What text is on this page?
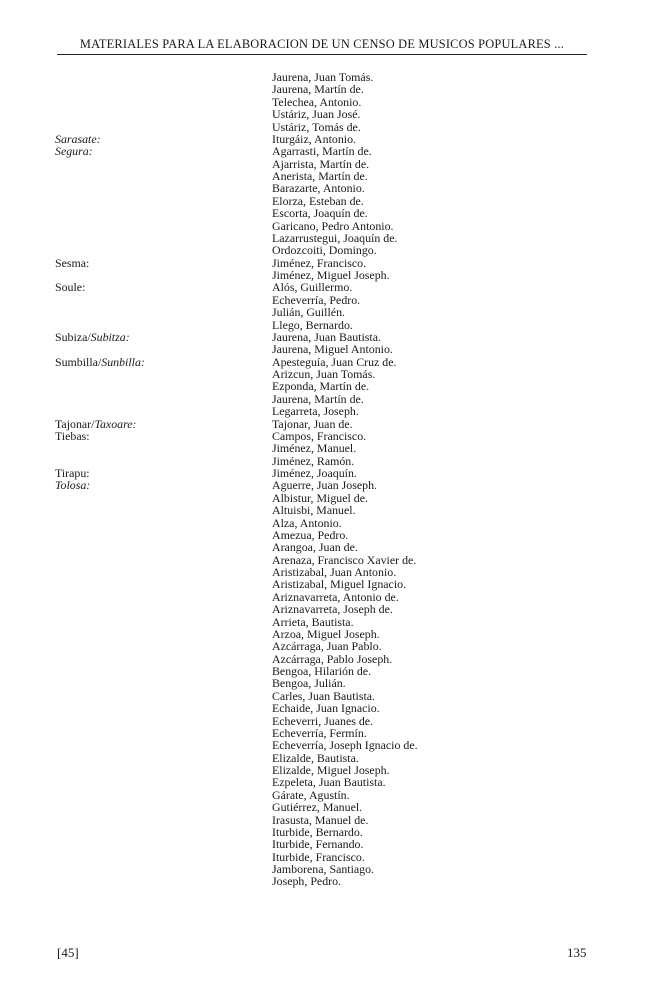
MATERIALES PARA LA ELABORACION DE UN CENSO DE MUSICOS POPULARES ...
Jaurena, Juan Tomás.
Jaurena, Martín de.
Telechea, Antonio.
Ustáriz, Juan José.
Ustáriz, Tomás de.
Sarasate:	Iturgáiz, Antonio.
Segura:	Agarrasti, Martín de.
Ajarrista, Martín de.
Anerista, Martín de.
Barazarte, Antonio.
Elorza, Esteban de.
Escorta, Joaquín de.
Garicano, Pedro Antonio.
Lazarrustegui, Joaquín de.
Ordozcoiti, Domingo.
Sesma:	Jiménez, Francisco.
Jiménez, Miguel Joseph.
Soule:	Alós, Guillermo.
Echeverría, Pedro.
Julián, Guillén.
Llego, Bernardo.
Subiza/Subitza:	Jaurena, Juan Bautista.
Jaurena, Miguel Antonio.
Sumbilla/Sunbilla:	Apesteguía, Juan Cruz de.
Arizcun, Juan Tomás.
Ezponda, Martín de.
Jaurena, Martín de.
Legarreta, Joseph.
Tajonar/Taxoare:	Tajonar, Juan de.
Tiebas:	Campos, Francisco.
Jiménez, Manuel.
Jiménez, Ramón.
Tirapu:	Jiménez, Joaquín.
Tolosa:	Aguerre, Juan Joseph.
Albistur, Miguel de.
Altuisbi, Manuel.
Alza, Antonio.
Amezua, Pedro.
Arangoa, Juan de.
Arenaza, Francisco Xavier de.
Aristizabal, Juan Antonio.
Aristizabal, Miguel Ignacio.
Ariznavarreta, Antonio de.
Ariznavarreta, Joseph de.
Arrieta, Bautista.
Arzoa, Miguel Joseph.
Azcárraga, Juan Pablo.
Azcárraga, Pablo Joseph.
Bengoa, Hilarión de.
Bengoa, Julián.
Carles, Juan Bautista.
Echaide, Juan Ignacio.
Echeverri, Juanes de.
Echeverría, Fermín.
Echeverría, Joseph Ignacio de.
Elizalde, Bautista.
Elizalde, Miguel Joseph.
Ezpeleta, Juan Bautista.
Gárate, Agustín.
Gutiérrez, Manuel.
Irasusta, Manuel de.
Iturbide, Bernardo.
Iturbide, Fernando.
Iturbide, Francisco.
Jamborena, Santiago.
Joseph, Pedro.
[45]	135
